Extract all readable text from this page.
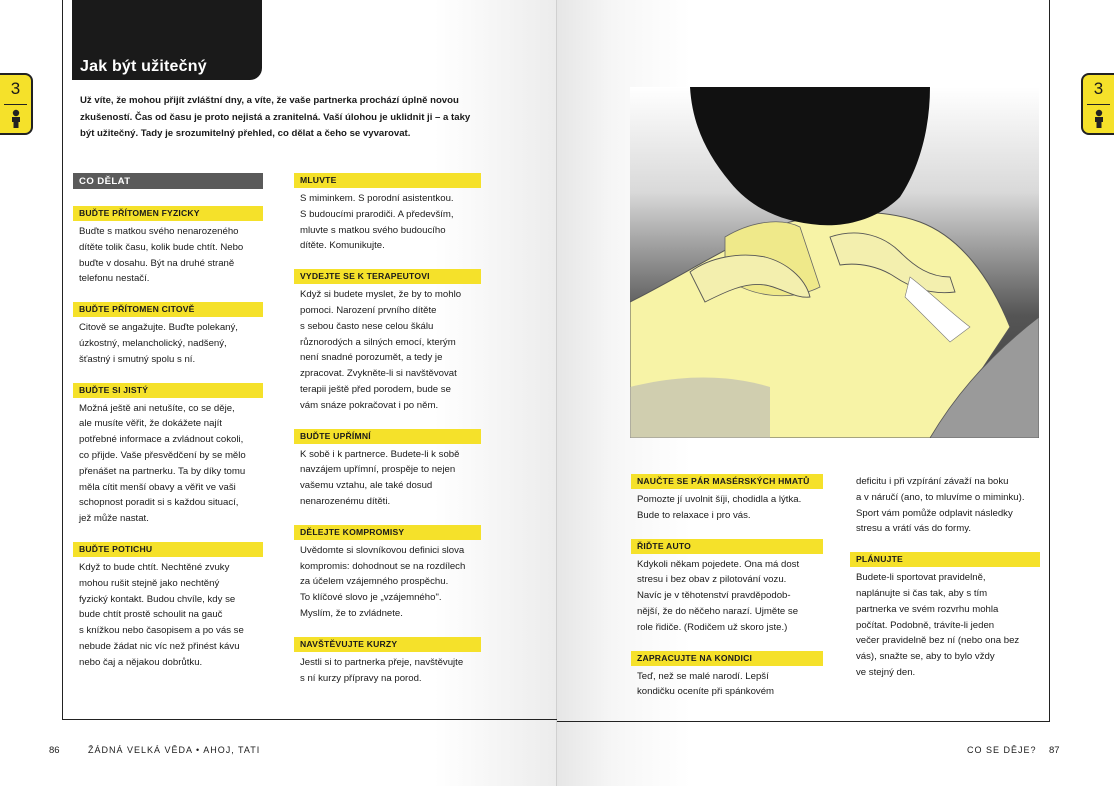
Jak být užitečný
3	3
Už víte, že mohou přijít zvláštní dny, a víte, že vaše partnerka prochází úplně novou
zkušeností. Čas od času je proto nejistá a zranitelná. Vaší úlohou je uklidnit ji – a taky
být užitečný. Tady je srozumitelný přehled, co dělat a čeho se vyvarovat.
CO DĚLAT
BUĎTE PŘÍTOMEN FYZICKY
Buďte s matkou svého nenarozeného
dítěte tolik času, kolik bude chtít. Nebo
buďte v dosahu. Být na druhé straně
telefonu nestačí.
BUĎTE PŘÍTOMEN CITOVĚ
Citově se angažujte. Buďte polekaný,
úzkostný, melancholický, nadšený,
šťastný i smutný spolu s ní.
BUĎTE SI JISTÝ
Možná ještě ani netušíte, co se děje,
ale musíte věřit, že dokážete najít
potřebné informace a zvládnout cokoli,
co přijde. Vaše přesvědčení by se mělo
přenášet na partnerku. Ta by díky tomu
měla cítit menší obavy a věřit ve vaši
schopnost poradit si s každou situací,
jež může nastat.
BUĎTE POTICHU
Když to bude chtít. Nechtěné zvuky
mohou rušit stejně jako nechtěný
fyzický kontakt. Budou chvíle, kdy se
bude chtít prostě schoulit na gauč
s knížkou nebo časopisem a po vás se
nebude žádat nic víc než přinést kávu
nebo čaj a nějakou dobrůtku.
MLUVTE
S miminkem. S porodní asistentkou.
S budoucími prarodiči. A především,
mluvte s matkou svého budoucího
dítěte. Komunikujte.
VYDEJTE SE K TERAPEUTOVI
Když si budete myslet, že by to mohlo
pomoci. Narození prvního dítěte
s sebou často nese celou škálu
různorodých a silných emocí, kterým
není snadné porozumět, a tedy je
zpracovat. Zvykněte-li si navštěvovat
terapii ještě před porodem, bude se
vám snáze pokračovat i po něm.
BUĎTE UPŘÍMNÍ
K sobě i k partnerce. Budete-li k sobě
navzájem upřímní, prospěje to nejen
vašemu vztahu, ale také dosud
nenarozenému dítěti.
DĚLEJTE KOMPROMISY
Uvědomte si slovníkovou definici slova
kompromis: dohodnout se na rozdílech
za účelem vzájemného prospěchu.
To klíčové slovo je „vzájemného".
Myslím, že to zvládnete.
NAVŠTĚVUJTE KURZY
Jestli si to partnerka přeje, navštěvujte
s ní kurzy přípravy na porod.
NAUČTE SE PÁR MASÉRSKÝCH HMATŮ
Pomozte jí uvolnit šíji, chodidla a lýtka.
Bude to relaxace i pro vás.
ŘIĎTE AUTO
Kdykoli někam pojedete. Ona má dost
stresu i bez obav z pilotování vozu.
Navíc je v těhotenství pravděpodob-
nější, že do něčeho narazí. Ujměte se
role řidiče. (Rodičem už skoro jste.)
ZAPRACUJTE NA KONDICI
Teď, než se malé narodí. Lepší
kondičku oceníte při spánkovém
deficitu i při vzpírání závaží na boku
a v náručí (ano, to mluvíme o miminku).
Sport vám pomůže odplavit následky
stresu a vrátí vás do formy.
PLÁNUJTE
Budete-li sportovat pravidelně,
naplánujte si čas tak, aby s tím
partnerka ve svém rozvrhu mohla
počítat. Podobně, trávíte-li jeden
večer pravidelně bez ní (nebo ona bez
vás), snažte se, aby to bylo vždy
ve stejný den.
86	ŽÁDNÁ VELKÁ VĚDA • AHOJ, TATI	CO SE DĚJE? 87
